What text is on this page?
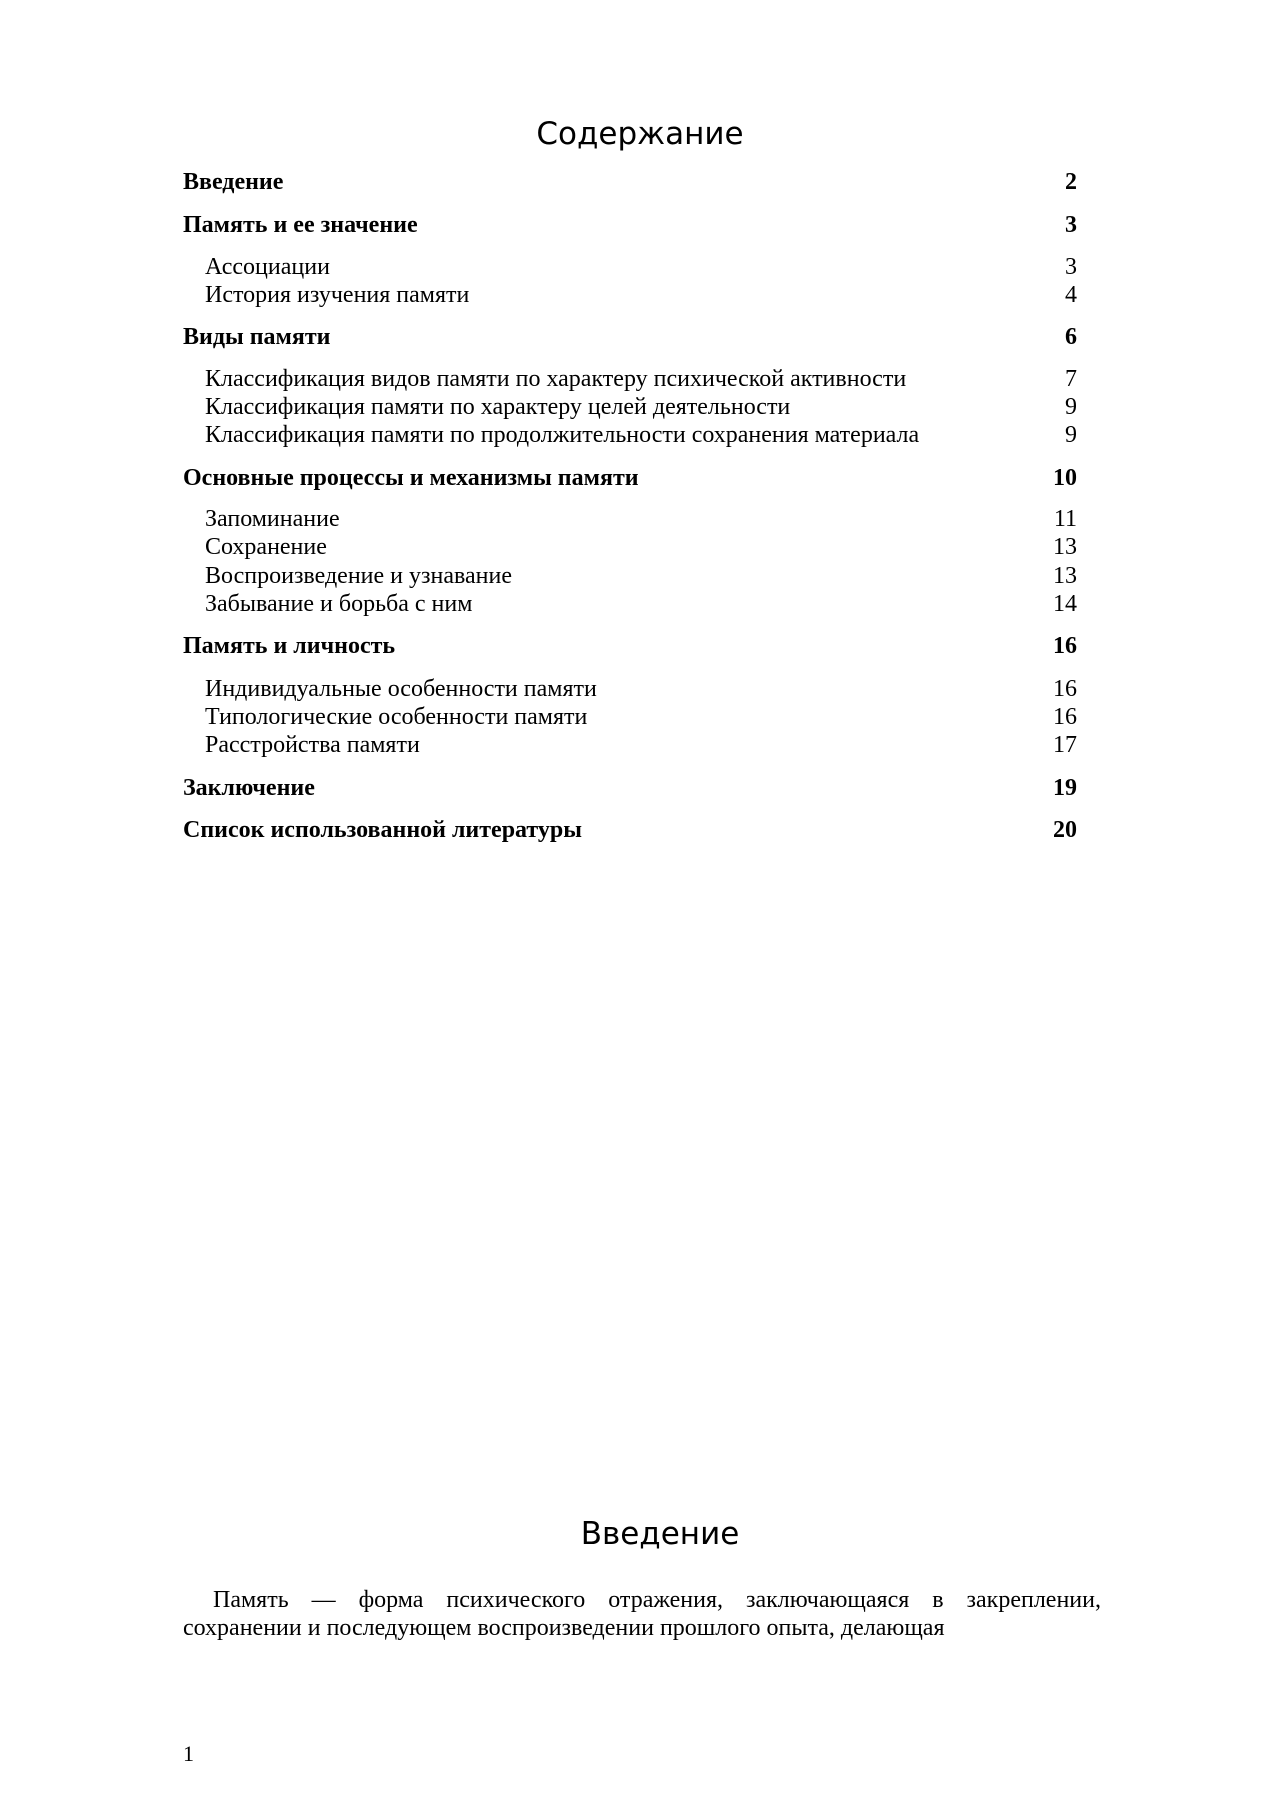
Содержание
Введение	2
Память и ее значение	3
Ассоциации	3
История изучения памяти	4
Виды памяти	6
Классификация видов памяти по характеру психической активности	7
Классификация памяти по характеру целей деятельности	9
Классификация памяти по продолжительности сохранения материала	9
Основные процессы и механизмы памяти	10
Запоминание	11
Сохранение	13
Воспроизведение и узнавание	13
Забывание и борьба с ним	14
Память и личность	16
Индивидуальные особенности памяти	16
Типологические особенности памяти	16
Расстройства памяти	17
Заключение	19
Список использованной литературы	20
Введение

Память — форма психического отражения, заключающаяся в закреплении, сохранении и последующем воспроизведении прошлого опыта, делающая

1
